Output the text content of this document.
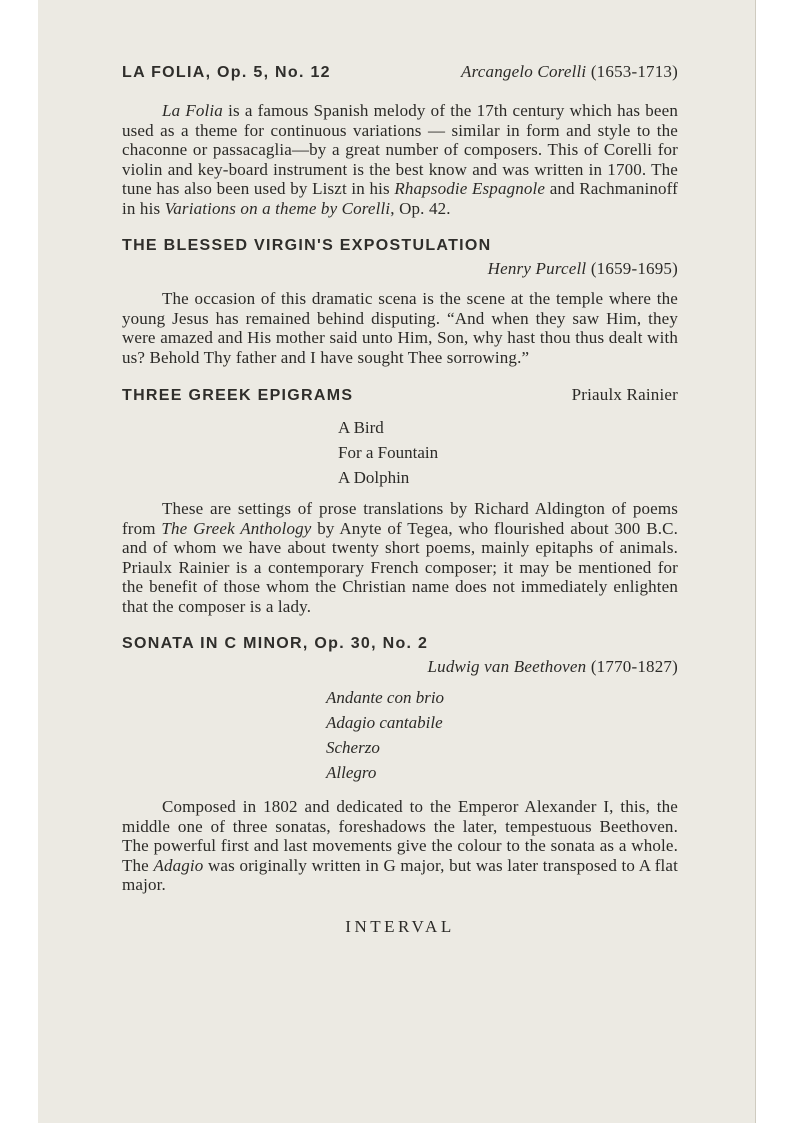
LA FOLIA, Op. 5, No. 12	Arcangelo Corelli (1653-1713)

La Folia is a famous Spanish melody of the 17th century which has been used as a theme for continuous variations — similar in form and style to the chaconne or passacaglia—by a great number of composers. This of Corelli for violin and key-board instrument is the best know and was written in 1700. The tune has also been used by Liszt in his Rhapsodie Espagnole and Rachmaninoff in his Variations on a theme by Corelli, Op. 42.

THE BLESSED VIRGIN'S EXPOSTULATION
Henry Purcell (1659-1695)

The occasion of this dramatic scena is the scene at the temple where the young Jesus has remained behind disputing. “And when they saw Him, they were amazed and His mother said unto Him, Son, why hast thou thus dealt with us? Behold Thy father and I have sought Thee sorrowing.”

THREE GREEK EPIGRAMS	Priaulx Rainier
A Bird
For a Fountain
A Dolphin

These are settings of prose translations by Richard Aldington of poems from The Greek Anthology by Anyte of Tegea, who flourished about 300 B.C. and of whom we have about twenty short poems, mainly epitaphs of animals. Priaulx Rainier is a contemporary French composer; it may be mentioned for the benefit of those whom the Christian name does not immediately enlighten that the composer is a lady.

SONATA IN C MINOR, Op. 30, No. 2
Ludwig van Beethoven (1770-1827)
Andante con brio
Adagio cantabile
Scherzo
Allegro

Composed in 1802 and dedicated to the Emperor Alexander I, this, the middle one of three sonatas, foreshadows the later, tempestuous Beethoven. The powerful first and last movements give the colour to the sonata as a whole. The Adagio was originally written in G major, but was later transposed to A flat major.

INTERVAL
